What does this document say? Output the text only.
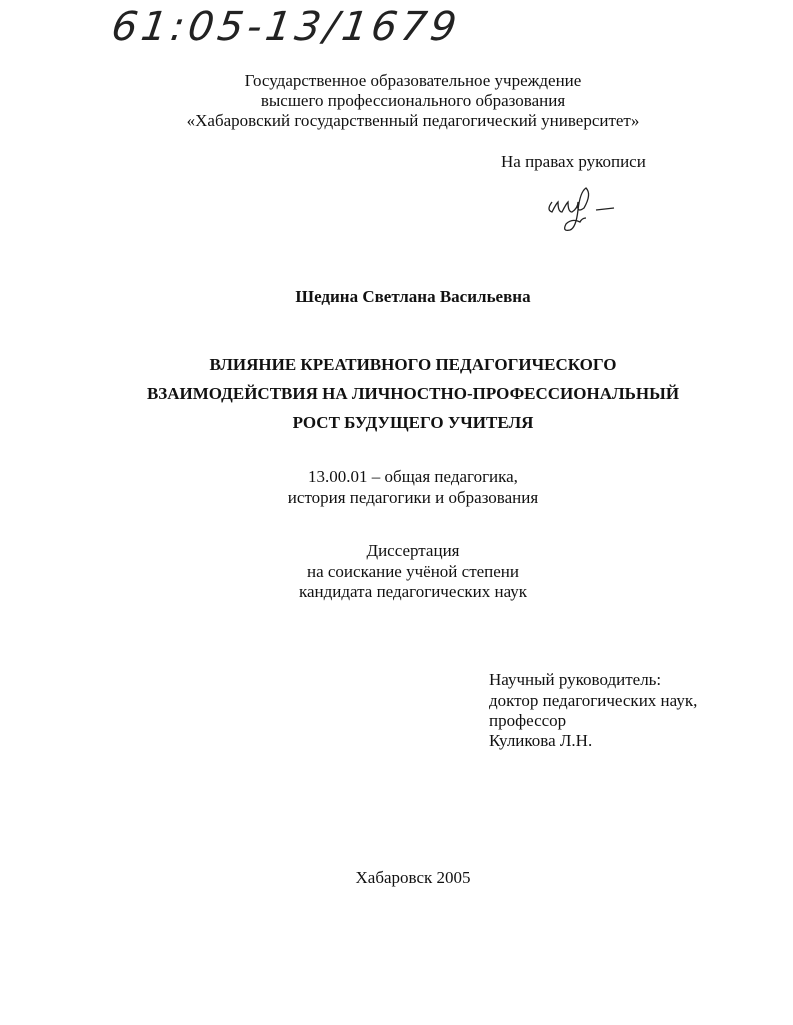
61:05-13/1679
Государственное образовательное учреждение
высшего профессионального образования
«Хабаровский государственный педагогический университет»
На правах рукописи
Шедина Светлана Васильевна
ВЛИЯНИЕ КРЕАТИВНОГО ПЕДАГОГИЧЕСКОГО
ВЗАИМОДЕЙСТВИЯ НА ЛИЧНОСТНО-ПРОФЕССИОНАЛЬНЫЙ
РОСТ БУДУЩЕГО УЧИТЕЛЯ
13.00.01 – общая педагогика,
история педагогики и образования
Диссертация
на соискание учёной степени
кандидата педагогических наук
Научный руководитель:
доктор педагогических наук,
профессор
Куликова Л.Н.
Хабаровск 2005
